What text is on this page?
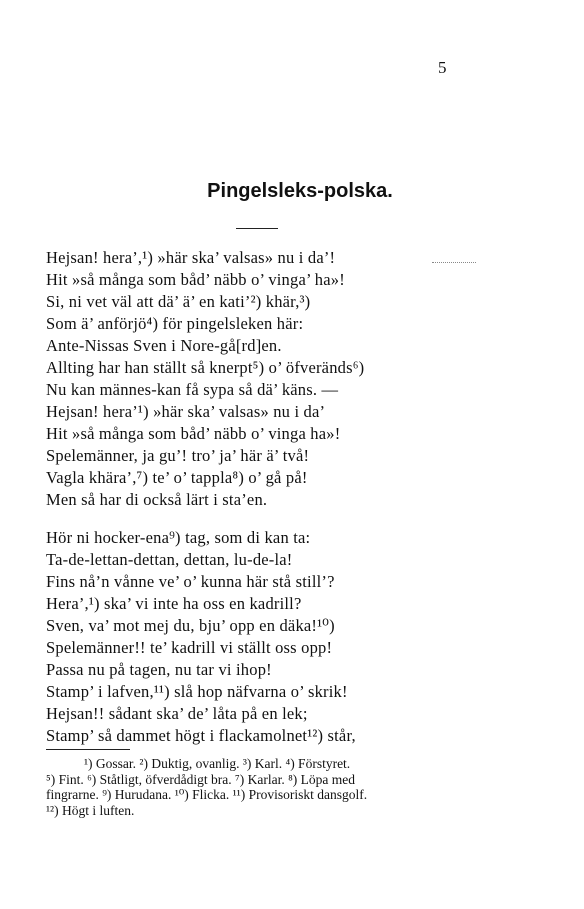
5
Pingelsleks-polska.
Hejsan! hera’,¹) »här ska’ valsas» nu i da’!
Hit »så många som båd’ näbb o’ vinga’ ha»!
Si, ni vet väl att dä’ ä’ en kati’²) khär,³)
Som ä’ anförjö⁴) för pingelsleken här:
Ante-Nissas Sven i Nore-gå[rd]en.
Allting har han ställt så knerpt⁵) o’ öfveränds⁶)
Nu kan männes-kan få sypa så dä’ käns. —
Hejsan! hera’¹) »här ska’ valsas» nu i da’
Hit »så många som båd’ näbb o’ vinga ha»!
Spelemänner, ja gu’! tro’ ja’ här ä’ två!
Vagla khära’,⁷) te’ o’ tappla⁸) o’ gå på!
Men så har di också lärt i sta’en.
Hör ni hocker-ena⁹) tag, som di kan ta:
Ta-de-lettan-dettan, dettan, lu-de-la!
Fins nå’n vånne ve’ o’ kunna här stå still’?
Hera’,¹) ska’ vi inte ha oss en kadrill?
Sven, va’ mot mej du, bju’ opp en däka!¹⁰)
Spelemänner!! te’ kadrill vi ställt oss opp!
Passa nu på tagen, nu tar vi ihop!
Stamp’ i lafven,¹¹) slå hop näfvarna o’ skrik!
Hejsan!! sådant ska’ de’ låta på en lek;
Stamp’ så dammet högt i flackamolnet¹²) står,
¹) Gossar. ²) Duktig, ovanlig. ³) Karl. ⁴) Förstyret.
⁵) Fint. ⁶) Ståtligt, öfverdådigt bra. ⁷) Karlar. ⁸) Löpa med
fingrarne. ⁹) Hurudana. ¹⁰) Flicka. ¹¹) Provisoriskt dansgolf.
¹²) Högt i luften.
